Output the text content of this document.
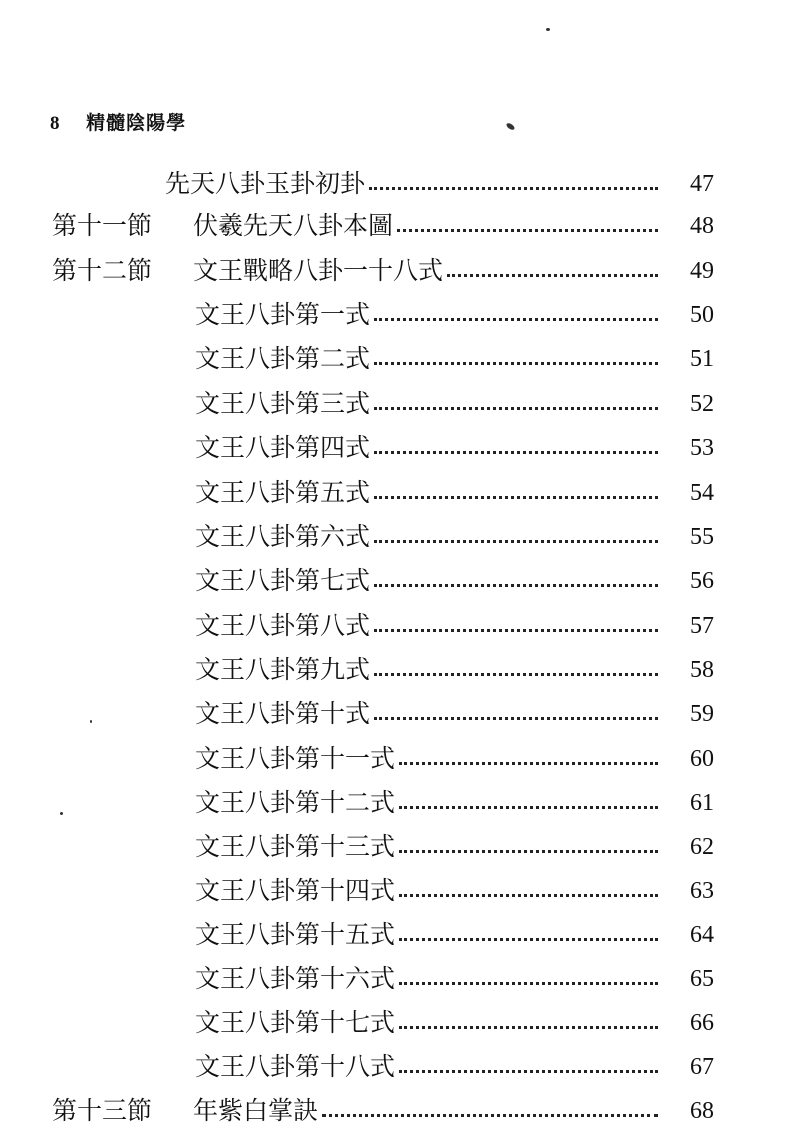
8 精髓陰陽學
先天八卦玉卦初卦	47
第十一節 伏羲先天八卦本圖	48
第十二節 文王戰略八卦一十八式	49
文王八卦第一式	50
文王八卦第二式	51
文王八卦第三式	52
文王八卦第四式	53
文王八卦第五式	54
文王八卦第六式	55
文王八卦第七式	56
文王八卦第八式	57
文王八卦第九式	58
文王八卦第十式	59
文王八卦第十一式	60
文王八卦第十二式	61
文王八卦第十三式	62
文王八卦第十四式	63
文王八卦第十五式	64
文王八卦第十六式	65
文王八卦第十七式	66
文王八卦第十八式	67
第十三節 年紫白掌訣	68
